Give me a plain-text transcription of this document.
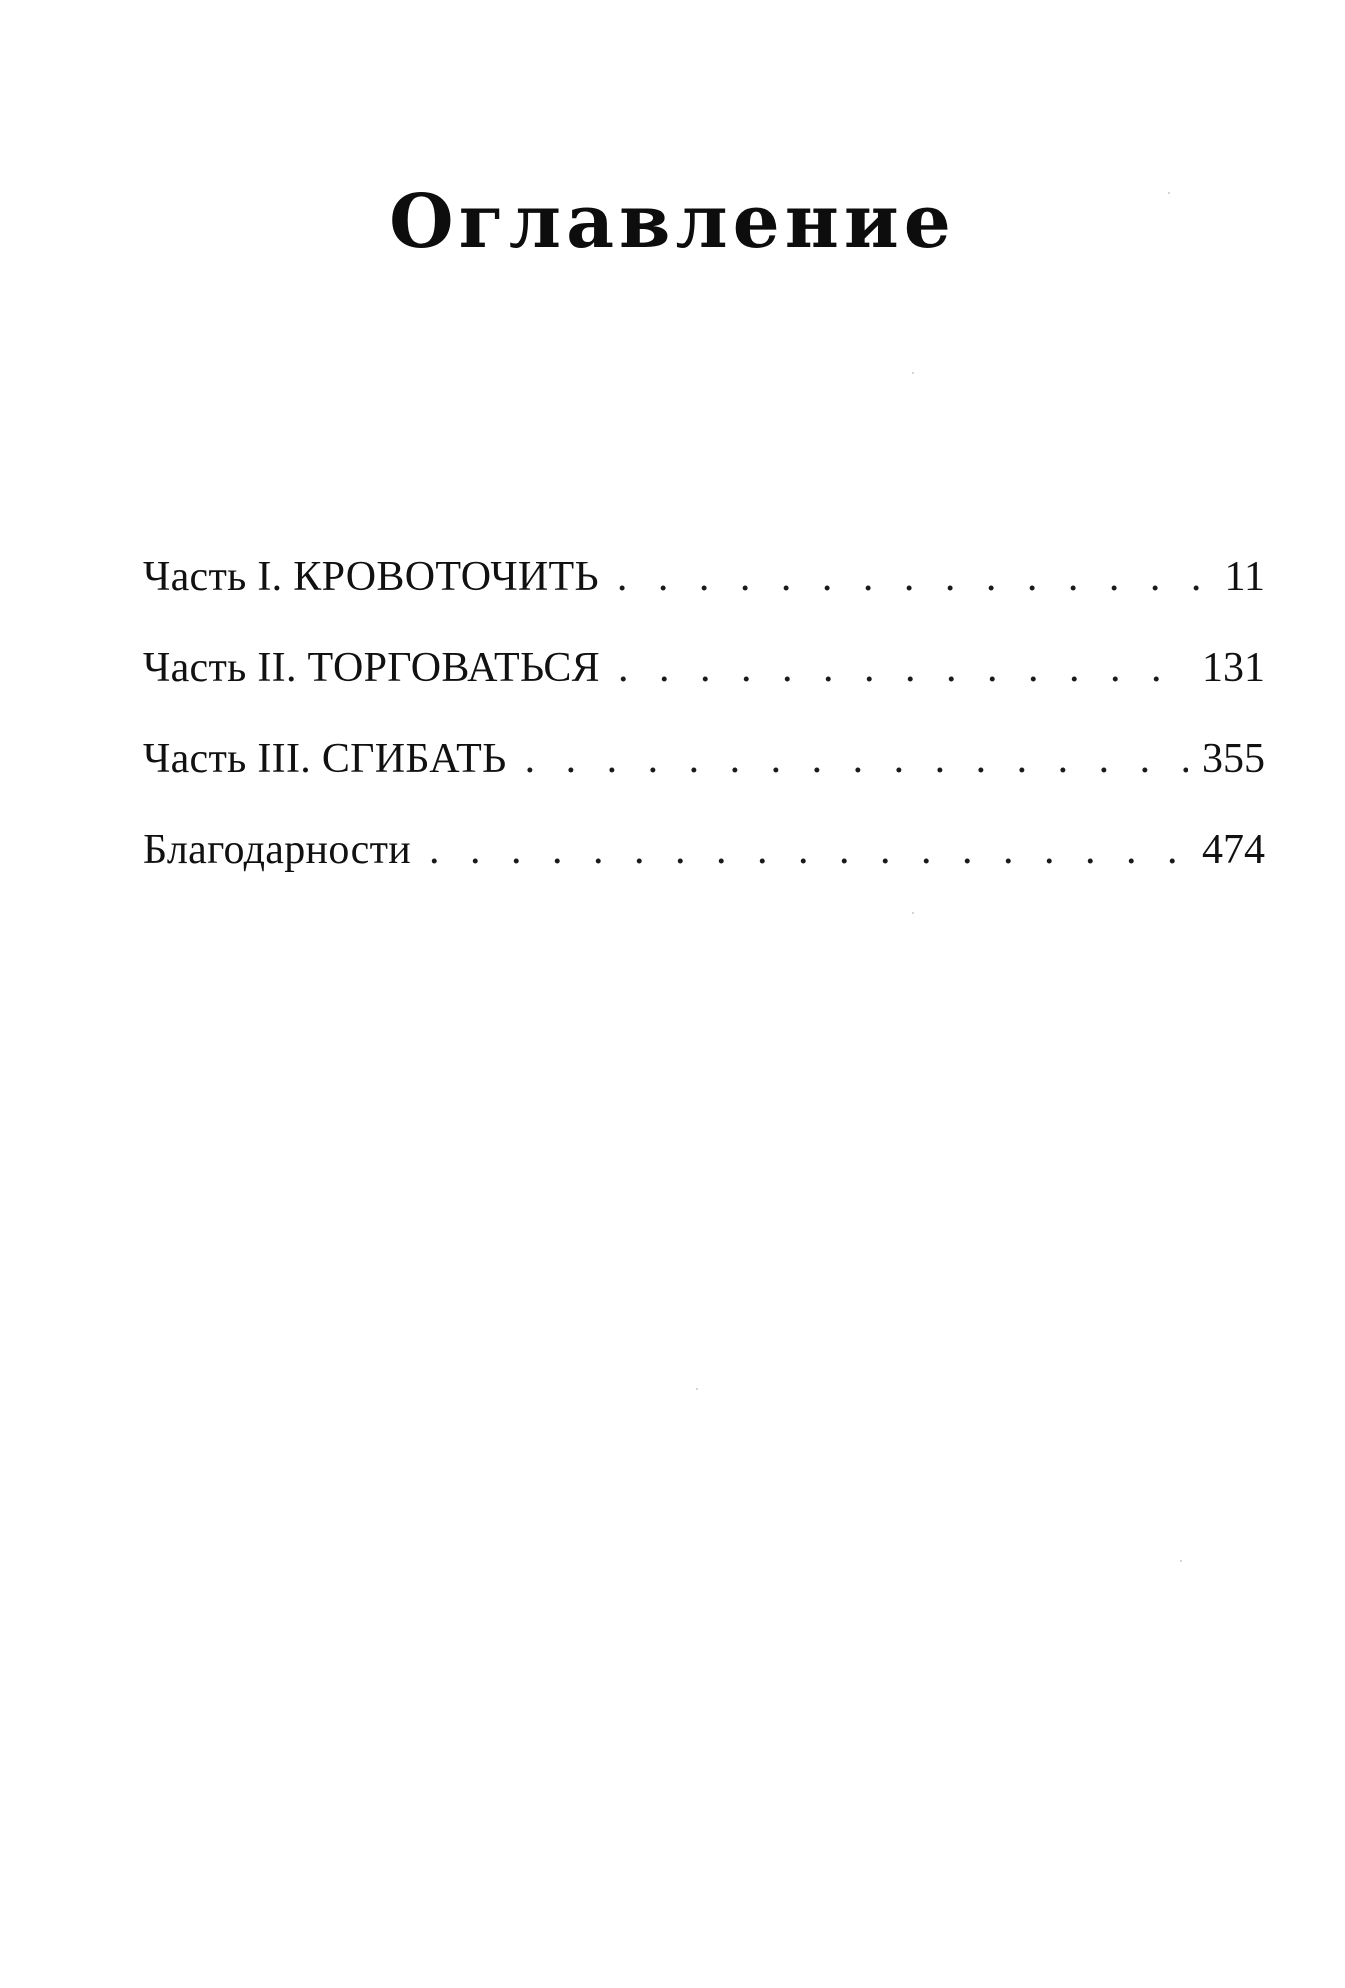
Оглавление
Часть I. КРОВОТОЧИТЬ . . .	11
Часть II. ТОРГОВАТЬСЯ . . .	131
Часть III. СГИБАТЬ . . .	355
Благодарности . . .	474
